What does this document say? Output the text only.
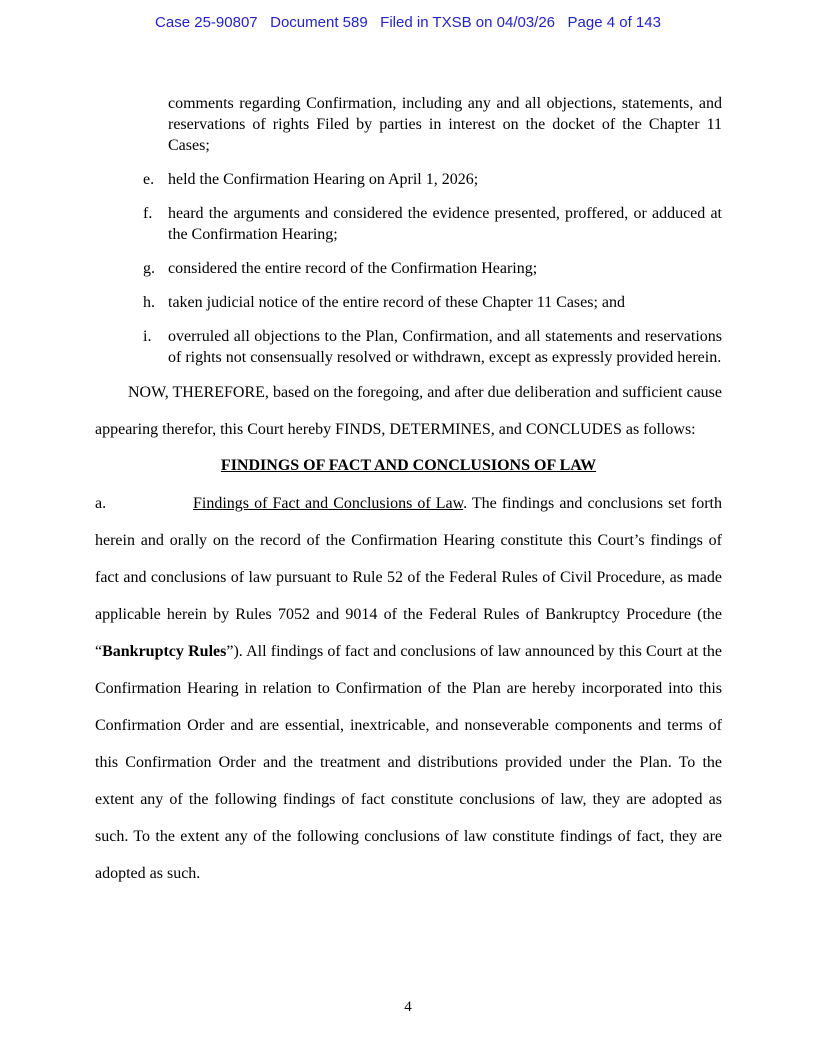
Case 25-90807   Document 589   Filed in TXSB on 04/03/26   Page 4 of 143
comments regarding Confirmation, including any and all objections, statements, and reservations of rights Filed by parties in interest on the docket of the Chapter 11 Cases;
e. held the Confirmation Hearing on April 1, 2026;
f. heard the arguments and considered the evidence presented, proffered, or adduced at the Confirmation Hearing;
g. considered the entire record of the Confirmation Hearing;
h. taken judicial notice of the entire record of these Chapter 11 Cases; and
i.	overruled all objections to the Plan, Confirmation, and all statements and reservations of rights not consensually resolved or withdrawn, except as expressly provided herein.
NOW, THEREFORE, based on the foregoing, and after due deliberation and sufficient cause appearing therefor, this Court hereby FINDS, DETERMINES, and CONCLUDES as follows:
FINDINGS OF FACT AND CONCLUSIONS OF LAW
a.	Findings of Fact and Conclusions of Law. The findings and conclusions set forth herein and orally on the record of the Confirmation Hearing constitute this Court’s findings of fact and conclusions of law pursuant to Rule 52 of the Federal Rules of Civil Procedure, as made applicable herein by Rules 7052 and 9014 of the Federal Rules of Bankruptcy Procedure (the “Bankruptcy Rules”). All findings of fact and conclusions of law announced by this Court at the Confirmation Hearing in relation to Confirmation of the Plan are hereby incorporated into this Confirmation Order and are essential, inextricable, and nonseverable components and terms of this Confirmation Order and the treatment and distributions provided under the Plan. To the extent any of the following findings of fact constitute conclusions of law, they are adopted as such. To the extent any of the following conclusions of law constitute findings of fact, they are adopted as such.
4
